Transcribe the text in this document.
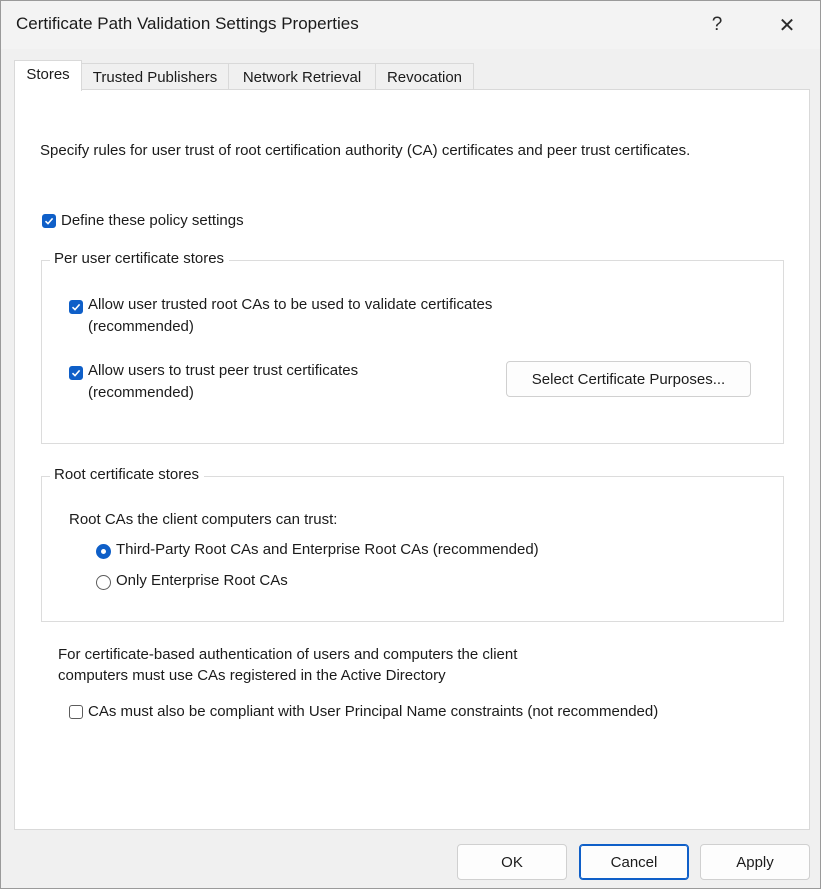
Certificate Path Validation Settings Properties	?	✕
Stores	Trusted Publishers	Network Retrieval	Revocation
Specify rules for user trust of root certification authority (CA) certificates and peer trust certificates.
Define these policy settings
Per user certificate stores
Allow user trusted root CAs to be used to validate certificates
(recommended)
Allow users to trust peer trust certificates
(recommended)
Select Certificate Purposes...
Root certificate stores
Root CAs the client computers can trust:
Third-Party Root CAs and Enterprise Root CAs (recommended)
Only Enterprise Root CAs
For certificate-based authentication of users and computers the client
computers must use CAs registered in the Active Directory
CAs must also be compliant with User Principal Name constraints (not recommended)
OK	Cancel	Apply
